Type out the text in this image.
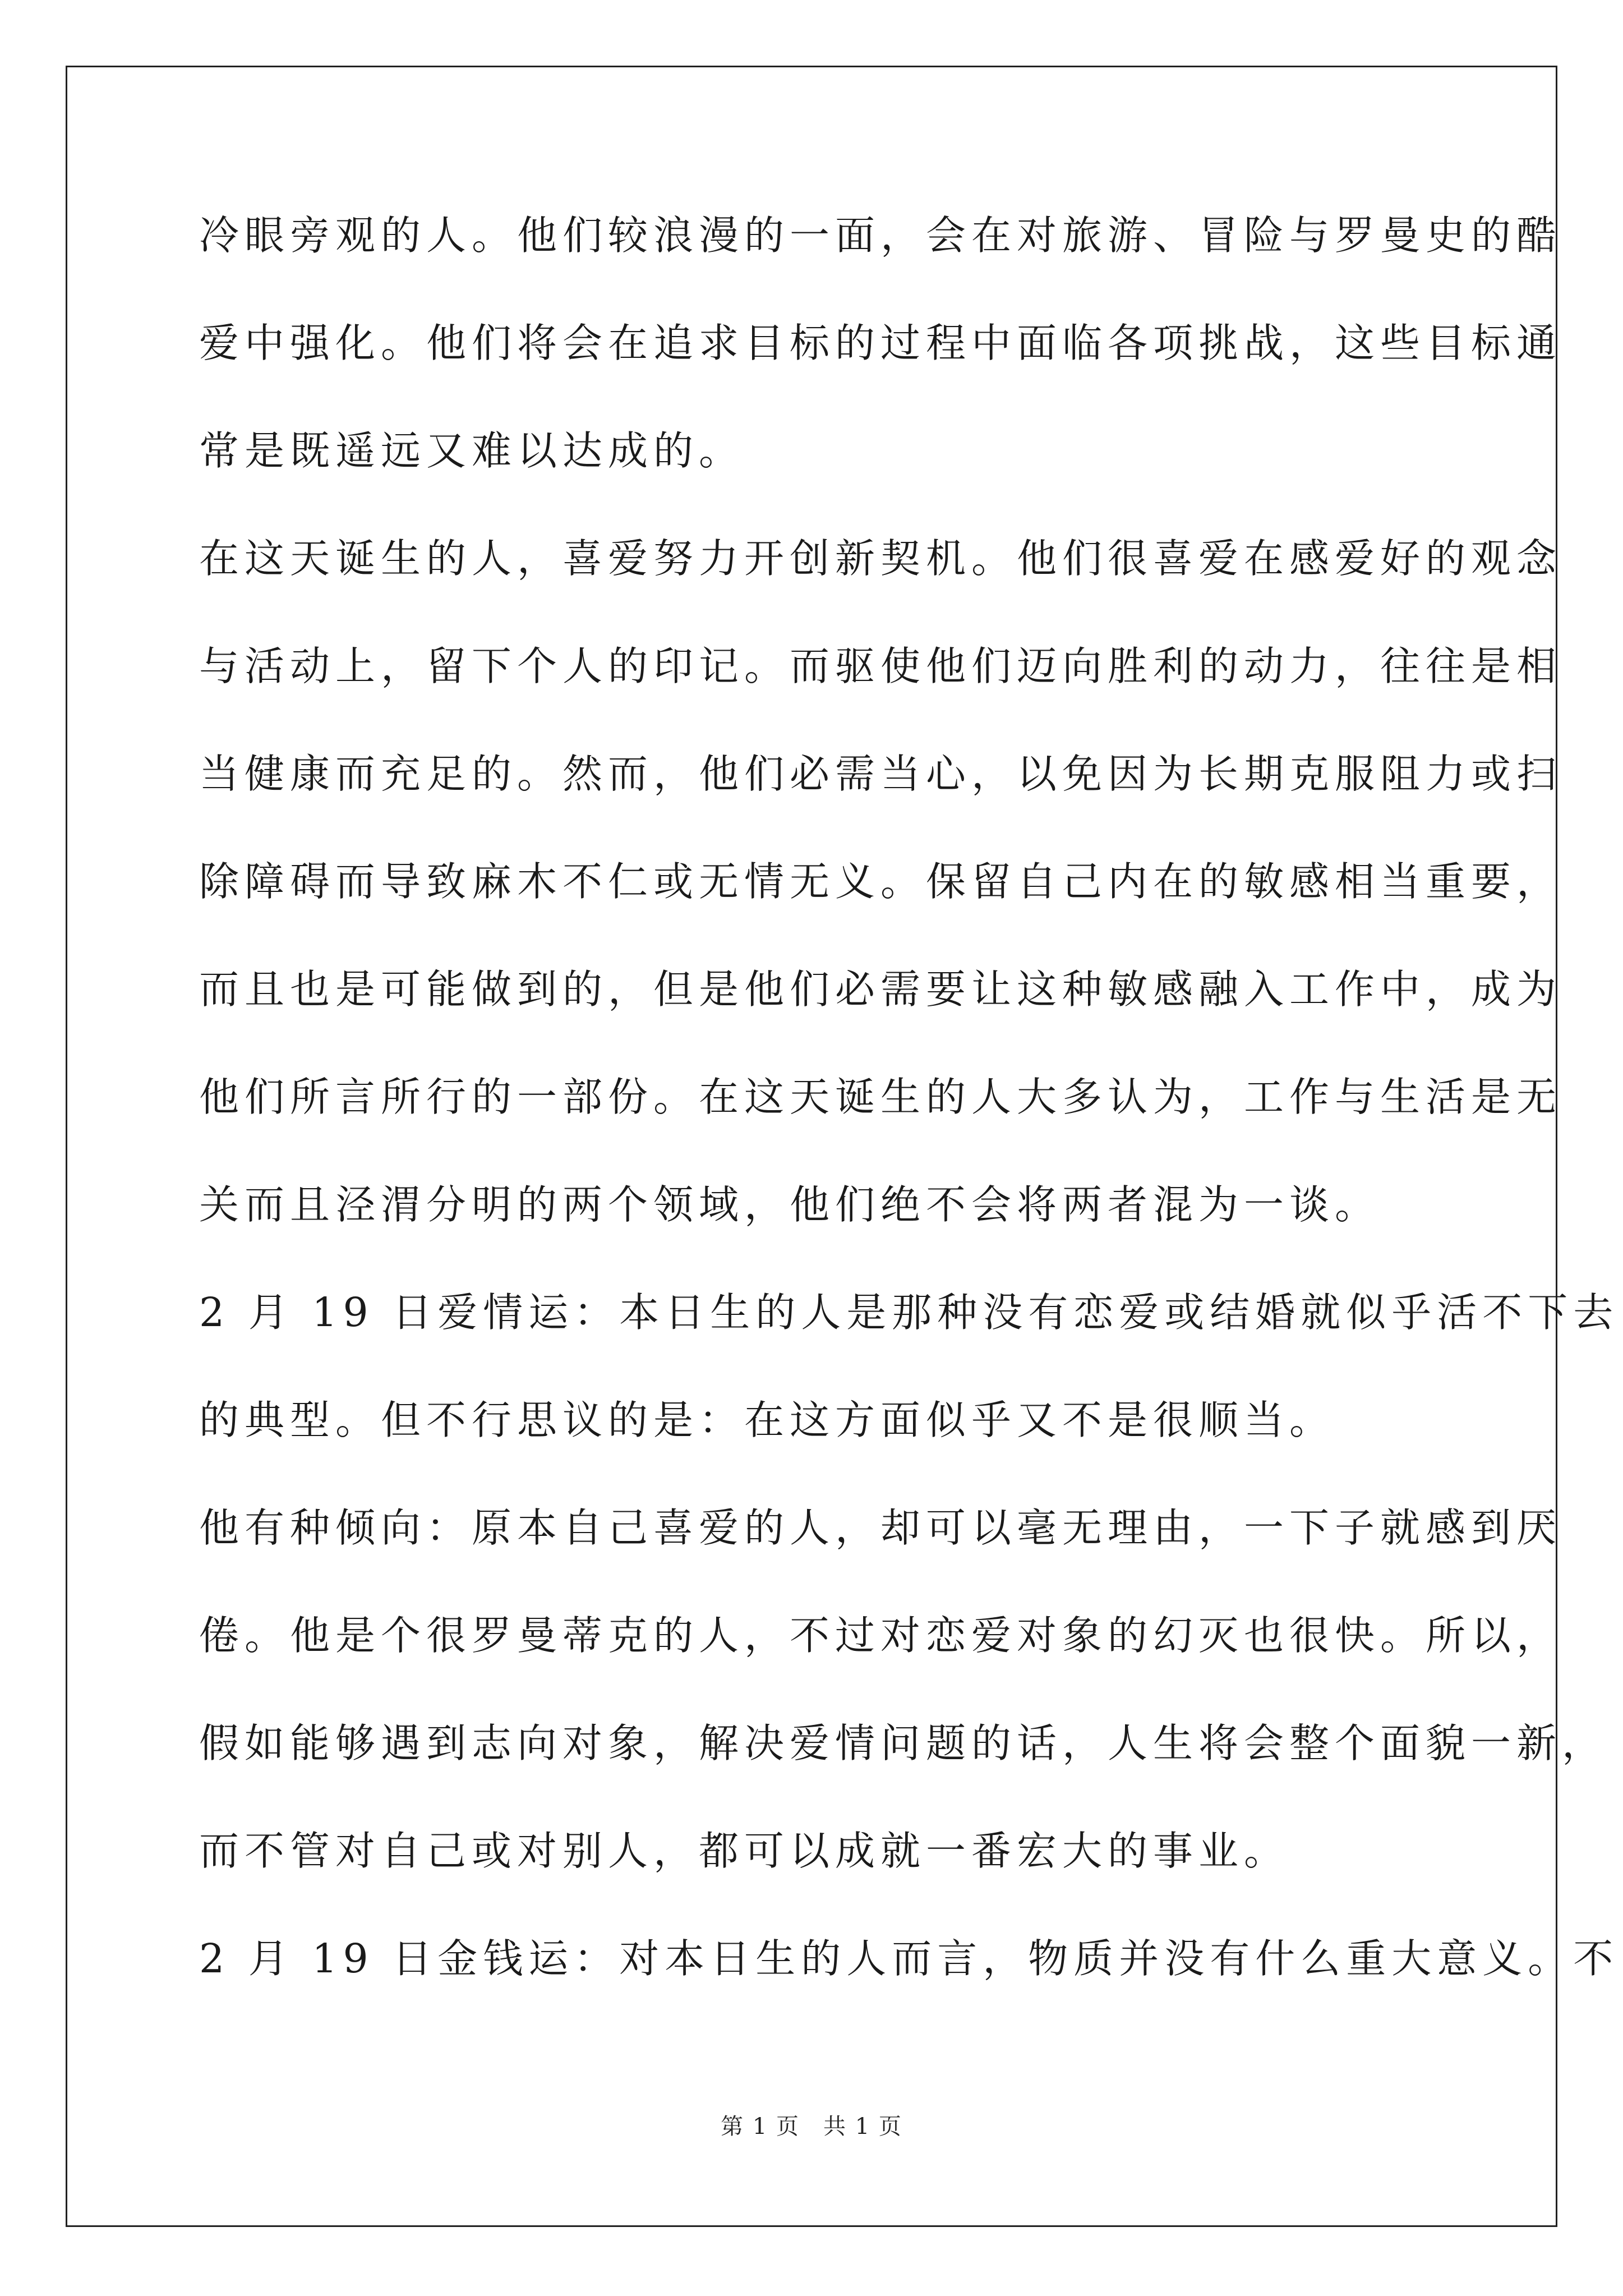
冷眼旁观的人。他们较浪漫的一面，会在对旅游、冒险与罗曼史的酷
爱中强化。他们将会在追求目标的过程中面临各项挑战，这些目标通
常是既遥远又难以达成的。
在这天诞生的人，喜爱努力开创新契机。他们很喜爱在感爱好的观念
与活动上，留下个人的印记。而驱使他们迈向胜利的动力，往往是相
当健康而充足的。然而，他们必需当心，以免因为长期克服阻力或扫
除障碍而导致麻木不仁或无情无义。保留自己内在的敏感相当重要，
而且也是可能做到的，但是他们必需要让这种敏感融入工作中，成为
他们所言所行的一部份。在这天诞生的人大多认为，工作与生活是无
关而且泾渭分明的两个领域，他们绝不会将两者混为一谈。
2 月 19 日爱情运：本日生的人是那种没有恋爱或结婚就似乎活不下去
的典型。但不行思议的是：在这方面似乎又不是很顺当。
他有种倾向：原本自己喜爱的人，却可以毫无理由，一下子就感到厌
倦。他是个很罗曼蒂克的人，不过对恋爱对象的幻灭也很快。所以，
假如能够遇到志向对象，解决爱情问题的话，人生将会整个面貌一新，
而不管对自己或对别人，都可以成就一番宏大的事业。
2 月 19 日金钱运：对本日生的人而言，物质并没有什么重大意义。不
第 1 页　共 1 页
